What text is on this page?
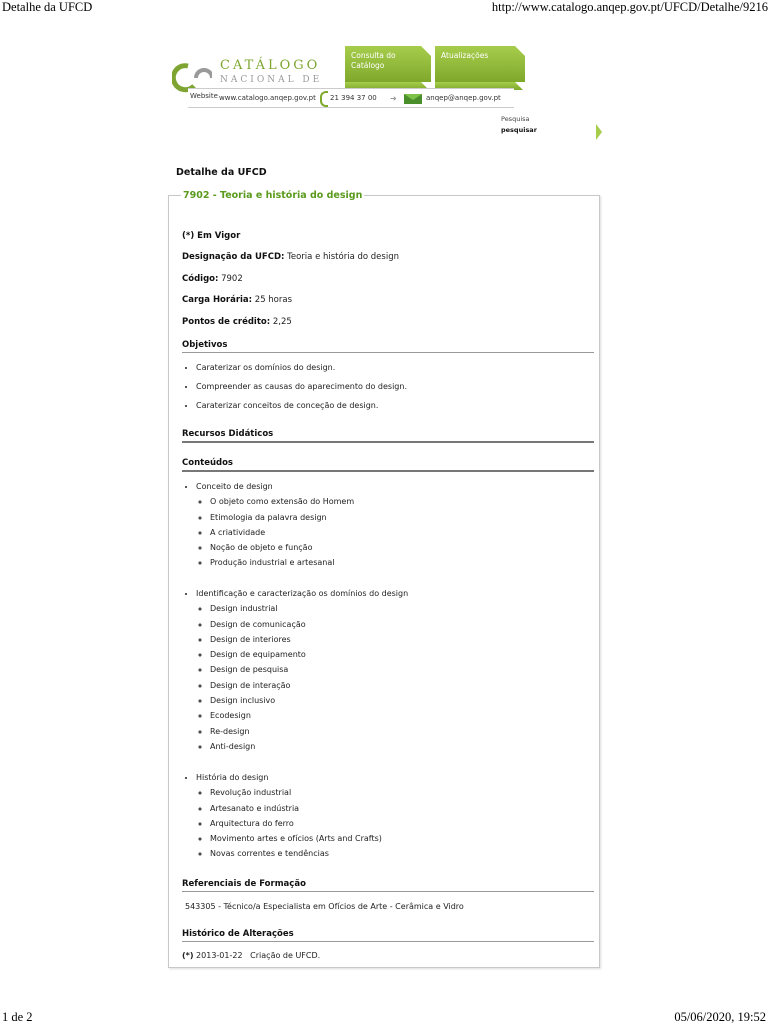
Detalhe da UFCD	http://www.catalogo.anqep.gov.pt/UFCD/Detalhe/9216
CATÁLOGO
NACIONAL DE
Consulta do Catálogo
Atualizações
Website www.catalogo.anqep.gov.pt 21 394 37 00 ➜	anqep@anqep.gov.pt
Pesquisa
pesquisar
Detalhe da UFCD
7902 - Teoria e história do design
(*) Em Vigor
Designação da UFCD: Teoria e história do design
Código: 7902
Carga Horária: 25 horas
Pontos de crédito: 2,25
Objetivos
• Caraterizar os domínios do design.
• Compreender as causas do aparecimento do design.
• Caraterizar conceitos de conceção de design.
Recursos Didáticos
Conteúdos
• Conceito de design
◦ O objeto como extensão do Homem
◦ Etimologia da palavra design
◦ A criatividade
◦ Noção de objeto e função
◦ Produção industrial e artesanal
• Identificação e caracterização os domínios do design
◦ Design industrial
◦ Design de comunicação
◦ Design de interiores
◦ Design de equipamento
◦ Design de pesquisa
◦ Design de interação
◦ Design inclusivo
◦ Ecodesign
◦ Re-design
◦ Anti-design
• História do design
◦ Revolução industrial
◦ Artesanato e indústria
◦ Arquitectura do ferro
◦ Movimento artes e ofícios (Arts and Crafts)
◦ Novas correntes e tendências
Referenciais de Formação
543305 - Técnico/a Especialista em Ofícios de Arte - Cerâmica e Vidro
Histórico de Alterações
(*) 2013-01-22   Criação de UFCD.
1 de 2	05/06/2020, 19:52
